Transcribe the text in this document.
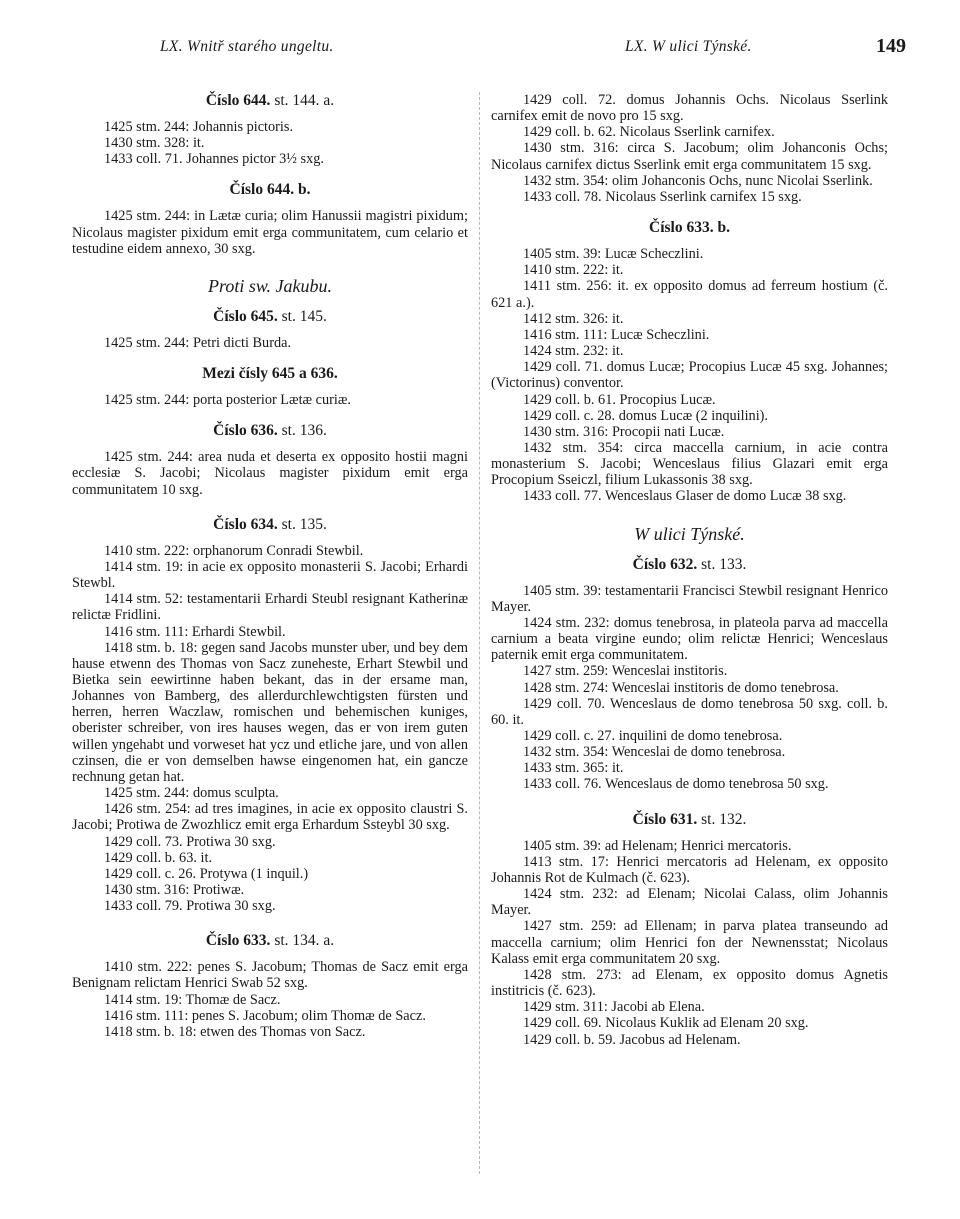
LX. Wnitř starého ungeltu.	LX. W ulici Týnské.	149
Číslo 644. st. 144. a.
1425 stm. 244: Johannis pictoris.
1430 stm. 328: it.
1433 coll. 71. Johannes pictor 3½ sxg.
Číslo 644. b.
1425 stm. 244: in Lætæ curia; olim Hanussii magistri pixidum; Nicolaus magister pixidum emit erga communitatem, cum celario et testudine eidem annexo, 30 sxg.
Proti sw. Jakubu.
Číslo 645. st. 145.
1425 stm. 244: Petri dicti Burda.
Mezi čísly 645 a 636.
1425 stm. 244: porta posterior Lætæ curiæ.
Číslo 636. st. 136.
1425 stm. 244: area nuda et deserta ex opposito hostii magni ecclesiæ S. Jacobi; Nicolaus magister pixidum emit erga communitatem 10 sxg.
Číslo 634. st. 135.
1410 stm. 222: orphanorum Conradi Stewbil.
1414 stm. 19: in acie ex opposito monasterii S. Jacobi; Erhardi Stewbl.
1414 stm. 52: testamentarii Erhardi Steubl resignant Katherinæ relictæ Fridlini.
1416 stm. 111: Erhardi Stewbil.
1418 stm. b. 18: gegen sand Jacobs munster uber, und bey dem hause etwenn des Thomas von Sacz zuneheste, Erhart Stewbil und Bietka sein eewirtinne haben bekant, das in der ersame man, Johannes von Bamberg, des allerdurchlewchtigsten fürsten und herren, herren Waczlaw, romischen und behemischen kuniges, oberister schreiber, von ires hauses wegen, das er von irem guten willen yngehabt und vorweset hat ycz und etliche jare, und von allen czinsen, die er von demselben hawse eingenomen hat, ein gancze rechnung getan hat.
1425 stm. 244: domus sculpta.
1426 stm. 254: ad tres imagines, in acie ex opposito claustri S. Jacobi; Protiwa de Zwozhlicz emit erga Erhardum Ssteybl 30 sxg.
1429 coll. 73. Protiwa 30 sxg.
1429 coll. b. 63. it.
1429 coll. c. 26. Protywa (1 inquil.)
1430 stm. 316: Protiwæ.
1433 coll. 79. Protiwa 30 sxg.
Číslo 633. st. 134. a.
1410 stm. 222: penes S. Jacobum; Thomas de Sacz emit erga Benignam relictam Henrici Swab 52 sxg.
1414 stm. 19: Thomæ de Sacz.
1416 stm. 111: penes S. Jacobum; olim Thomæ de Sacz.
1418 stm. b. 18: etwen des Thomas von Sacz.
1429 coll. 72. domus Johannis Ochs. Nicolaus Sserlink carnifex emit de novo pro 15 sxg.
1429 coll. b. 62. Nicolaus Sserlink carnifex.
1430 stm. 316: circa S. Jacobum; olim Johanconis Ochs; Nicolaus carnifex dictus Sserlink emit erga communitatem 15 sxg.
1432 stm. 354: olim Johanconis Ochs, nunc Nicolai Sserlink.
1433 coll. 78. Nicolaus Sserlink carnifex 15 sxg.
Číslo 633. b.
1405 stm. 39: Lucæ Scheczlini.
1410 stm. 222: it.
1411 stm. 256: it. ex opposito domus ad ferreum hostium (č. 621 a.).
1412 stm. 326: it.
1416 stm. 111: Lucæ Scheczlini.
1424 stm. 232: it.
1429 coll. 71. domus Lucæ; Procopius Lucæ 45 sxg. Johannes; (Victorinus) conventor.
1429 coll. b. 61. Procopius Lucæ.
1429 coll. c. 28. domus Lucæ (2 inquilini).
1430 stm. 316: Procopii nati Lucæ.
1432 stm. 354: circa maccella carnium, in acie contra monasterium S. Jacobi; Wenceslaus filius Glazari emit erga Procopium Sseiczl, filium Lukassonis 38 sxg.
1433 coll. 77. Wenceslaus Glaser de domo Lucæ 38 sxg.
W ulici Týnské.
Číslo 632. st. 133.
1405 stm. 39: testamentarii Francisci Stewbil resignant Henrico Mayer.
1424 stm. 232: domus tenebrosa, in plateola parva ad maccella carnium a beata virgine eundo; olim relictæ Henrici; Wenceslaus paternik emit erga communitatem.
1427 stm. 259: Wenceslai institoris.
1428 stm. 274: Wenceslai institoris de domo tenebrosa.
1429 coll. 70. Wenceslaus de domo tenebrosa 50 sxg. coll. b. 60. it.
1429 coll. c. 27. inquilini de domo tenebrosa.
1432 stm. 354: Wenceslai de domo tenebrosa.
1433 stm. 365: it.
1433 coll. 76. Wenceslaus de domo tenebrosa 50 sxg.
Číslo 631. st. 132.
1405 stm. 39: ad Helenam; Henrici mercatoris.
1413 stm. 17: Henrici mercatoris ad Helenam, ex opposito Johannis Rot de Kulmach (č. 623).
1424 stm. 232: ad Elenam; Nicolai Calass, olim Johannis Mayer.
1427 stm. 259: ad Ellenam; in parva platea transeundo ad maccella carnium; olim Henrici fon der Newnensstat; Nicolaus Kalass emit erga communitatem 20 sxg.
1428 stm. 273: ad Elenam, ex opposito domus Agnetis institricis (č. 623).
1429 stm. 311: Jacobi ab Elena.
1429 coll. 69. Nicolaus Kuklik ad Elenam 20 sxg.
1429 coll. b. 59. Jacobus ad Helenam.
